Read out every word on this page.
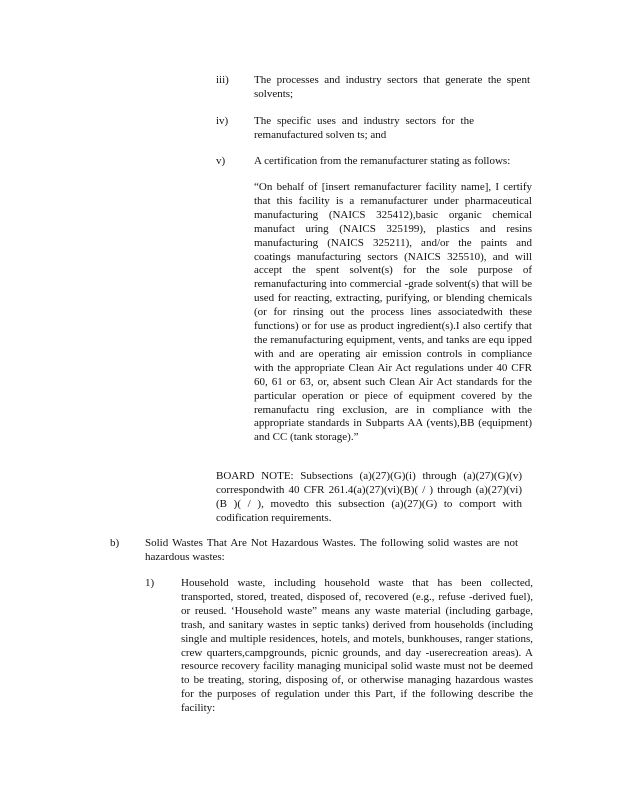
iii) The processes and industry sectors that generate the spent solvents;
iv) The specific uses and industry sectors for the remanufactured solven ts; and
v)	A certification from the remanufacturer stating as follows:
“On behalf of [insert remanufacturer facility name], I certify that this facility is a remanufacturer under pharmaceutical manufacturing (NAICS 325412),basic organic chemical manufact uring (NAICS 325199), plastics and resins manufacturing (NAICS 325211), and/or the paints and coatings manufacturing sectors (NAICS 325510), and will accept the spent solvent(s) for the sole purpose of remanufacturing into commercial -grade solvent(s) that will be used for reacting, extracting, purifying, or blending chemicals (or for rinsing out the process lines associatedwith these functions) or for use as product ingredient(s).I also certify that the remanufacturing equipment, vents, and tanks are equ ipped with and are operating air emission controls in compliance with the appropriate Clean Air Act regulations under 40 CFR 60, 61 or 63, or, absent such Clean Air Act standards for the particular operation or piece of equipment covered by the remanufactu ring exclusion, are in compliance with the appropriate standards in Subparts AA (vents),BB (equipment) and CC (tank storage).”
BOARD NOTE: Subsections (a)(27)(G)(i) through (a)(27)(G)(v) correspondwith 40 CFR 261.4(a)(27)(vi)(B)( / ) through (a)(27)(vi)(B )( / ), movedto this subsection (a)(27)(G) to comport with codification requirements.
b) Solid Wastes That Are Not Hazardous Wastes. The following solid wastes are not hazardous wastes:
1) Household waste, including household waste that has been collected, transported, stored, treated, disposed of, recovered (e.g., refuse -derived fuel), or reused. ‘Household waste” means any waste material (including garbage, trash, and sanitary wastes in septic tanks) derived from households (including single and multiple residences, hotels, and motels, bunkhouses, ranger stations, crew quarters,campgrounds, picnic grounds, and day -userecreation areas). A resource recovery facility managing municipal solid waste must not be deemed to be treating, storing, disposing of, or otherwise managing hazardous wastes for the purposes of regulation under this Part, if the following describe the facility:
